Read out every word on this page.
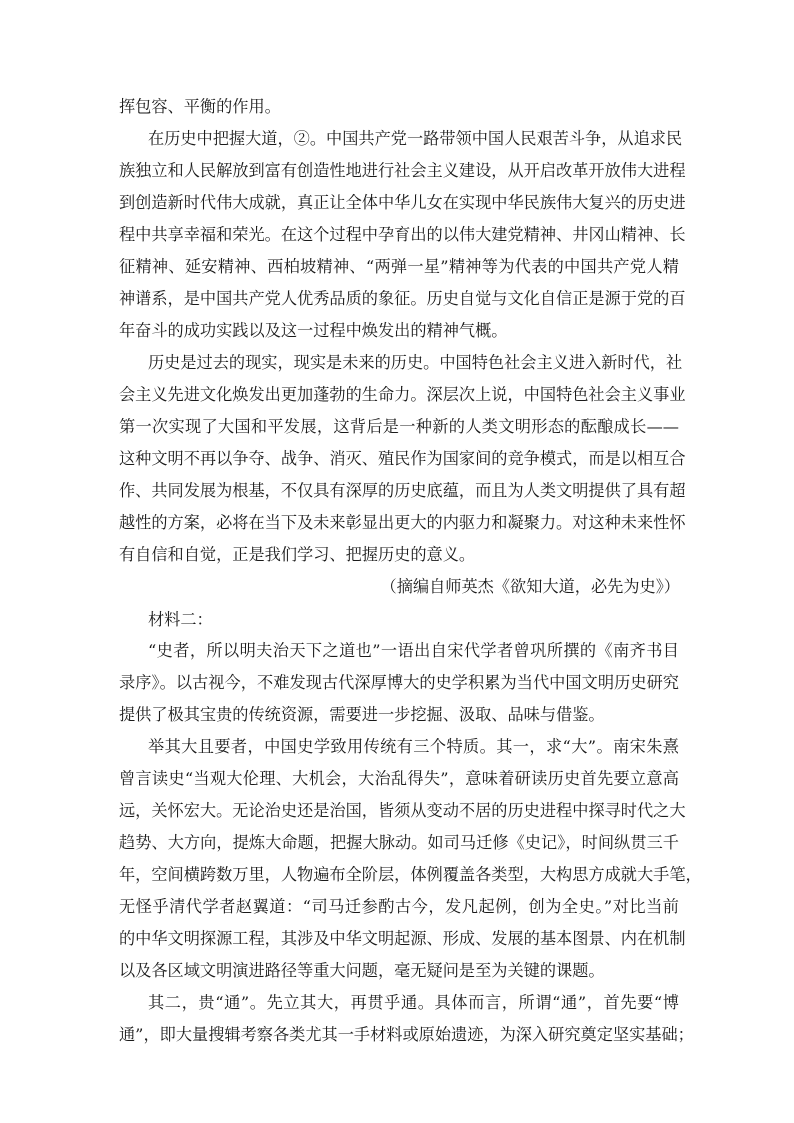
挥包容、平衡的作用。
在历史中把握大道，②。中国共产党一路带领中国人民艰苦斗争，从追求民
族独立和人民解放到富有创造性地进行社会主义建设，从开启改革开放伟大进程
到创造新时代伟大成就，真正让全体中华儿女在实现中华民族伟大复兴的历史进
程中共享幸福和荣光。在这个过程中孕育出的以伟大建党精神、井冈山精神、长
征精神、延安精神、西柏坡精神、“两弹一星”精神等为代表的中国共产党人精
神谱系，是中国共产党人优秀品质的象征。历史自觉与文化自信正是源于党的百
年奋斗的成功实践以及这一过程中焕发出的精神气概。
历史是过去的现实，现实是未来的历史。中国特色社会主义进入新时代，社
会主义先进文化焕发出更加蓬勃的生命力。深层次上说，中国特色社会主义事业
第一次实现了大国和平发展，这背后是一种新的人类文明形态的酝酿成长——
这种文明不再以争夺、战争、消灭、殖民作为国家间的竞争模式，而是以相互合
作、共同发展为根基，不仅具有深厚的历史底蕴，而且为人类文明提供了具有超
越性的方案，必将在当下及未来彰显出更大的内驱力和凝聚力。对这种未来性怀
有自信和自觉，正是我们学习、把握历史的意义。
（摘编自师英杰《欲知大道，必先为史》）
材料二：
“史者，所以明夫治天下之道也”一语出自宋代学者曾巩所撰的《南齐书目
录序》。以古视今，不难发现古代深厚博大的史学积累为当代中国文明历史研究
提供了极其宝贵的传统资源，需要进一步挖掘、汲取、品味与借鉴。
举其大且要者，中国史学致用传统有三个特质。其一，求“大”。南宋朱熹
曾言读史“当观大伦理、大机会，大治乱得失”，意味着研读历史首先要立意高
远，关怀宏大。无论治史还是治国，皆须从变动不居的历史进程中探寻时代之大
趋势、大方向，提炼大命题，把握大脉动。如司马迁修《史记》，时间纵贯三千
年，空间横跨数万里，人物遍布全阶层，体例覆盖各类型，大构思方成就大手笔，
无怪乎清代学者赵翼道：“司马迁参酌古今，发凡起例，创为全史。”对比当前
的中华文明探源工程，其涉及中华文明起源、形成、发展的基本图景、内在机制
以及各区域文明演进路径等重大问题，毫无疑问是至为关键的课题。
其二，贵“通”。先立其大，再贯乎通。具体而言，所谓“通”，首先要“博
通”，即大量搜辑考察各类尤其一手材料或原始遗迹，为深入研究奠定坚实基础；
